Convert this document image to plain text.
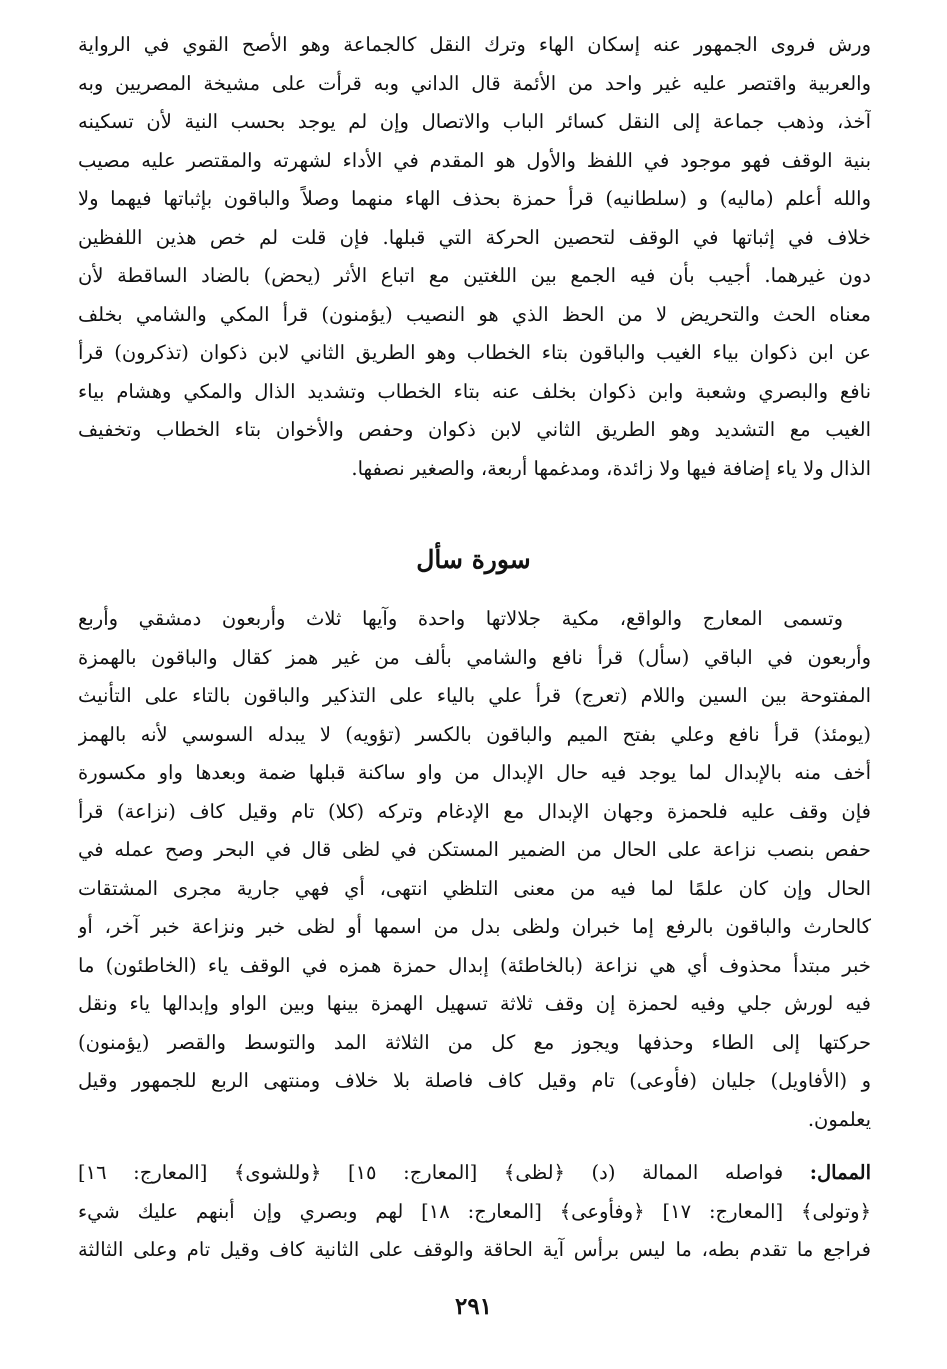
ورش فروى الجمهور عنه إسكان الهاء وترك النقل كالجماعة وهو الأصح القوي في الرواية
والعربية واقتصر عليه غير واحد من الأئمة قال الداني وبه قرأت على مشيخة المصريين وبه
آخذ، وذهب جماعة إلى النقل كسائر الباب والاتصال وإن لم يوجد بحسب النية لأن تسكينه
بنية الوقف فهو موجود في اللفظ والأول هو المقدم في الأداء لشهرته والمقتصر عليه مصيب
والله أعلم (ماليه) و (سلطانيه) قرأ حمزة بحذف الهاء منهما وصلاً والباقون بإثباتها فيهما ولا
خلاف في إثباتها في الوقف لتحصين الحركة التي قبلها. فإن قلت لم خص هذين اللفظين
دون غيرهما. أجيب بأن فيه الجمع بين اللغتين مع اتباع الأثر (يحض) بالضاد الساقطة لأن
معناه الحث والتحريض لا من الحظ الذي هو النصيب (يؤمنون) قرأ المكي والشامي بخلف
عن ابن ذكوان بياء الغيب والباقون بتاء الخطاب وهو الطريق الثاني لابن ذكوان (تذكرون) قرأ
نافع والبصري وشعبة وابن ذكوان بخلف عنه بتاء الخطاب وتشديد الذال والمكي وهشام بياء
الغيب مع التشديد وهو الطريق الثاني لابن ذكوان وحفص والأخوان بتاء الخطاب وتخفيف
الذال ولا ياء إضافة فيها ولا زائدة، ومدغمها أربعة، والصغير نصفها.
سورة سأل
وتسمى المعارج والواقع، مكية جلالاتها واحدة وآيها ثلاث وأربعون دمشقي وأربع
وأربعون في الباقي (سأل) قرأ نافع والشامي بألف من غير همز كقال والباقون بالهمزة
المفتوحة بين السين واللام (تعرج) قرأ علي بالياء على التذكير والباقون بالتاء على التأنيث
(يومئذ) قرأ نافع وعلي بفتح الميم والباقون بالكسر (تؤويه) لا يبدله السوسي لأنه بالهمز
أخف منه بالإبدال لما يوجد فيه حال الإبدال من واو ساكنة قبلها ضمة وبعدها واو مكسورة
فإن وقف عليه فلحمزة وجهان الإبدال مع الإدغام وتركه (كلا) تام وقيل كاف (نزاعة) قرأ
حفص بنصب نزاعة على الحال من الضمير المستكن في لظى قال في البحر وصح عمله في
الحال وإن كان علمًا لما فيه من معنى التلظي انتهى، أي فهي جارية مجرى المشتقات
كالحارث والباقون بالرفع إما خبران ولظى بدل من اسمها أو لظى خبر ونزاعة خبر آخر، أو
خبر مبتدأ محذوف أي هي نزاعة (بالخاطئة) إبدال حمزة همزه في الوقف ياء (الخاطئون) ما
فيه لورش جلي وفيه لحمزة إن وقف ثلاثة تسهيل الهمزة بينها وبين الواو وإبدالها ياء ونقل
حركتها إلى الطاء وحذفها ويجوز مع كل من الثلاثة المد والتوسط والقصر (يؤمنون)
و (الأفاويل) جليان (فأوعى) تام وقيل كاف فاصلة بلا خلاف ومنتهى الربع للجمهور وقيل
يعلمون.
الممال: فواصله الممالة (د) ﴿لظى﴾ [المعارج: ١٥] ﴿وللشوى﴾ [المعارج: ١٦]
﴿وتولى﴾ [المعارج: ١٧] ﴿وفأوعى﴾ [المعارج: ١٨] لهم وبصري وإن أبنهم عليك شيء
فراجع ما تقدم بطه، ما ليس برأس آية الحاقة والوقف على الثانية كاف وقيل تام وعلى الثالثة
٢٩١
